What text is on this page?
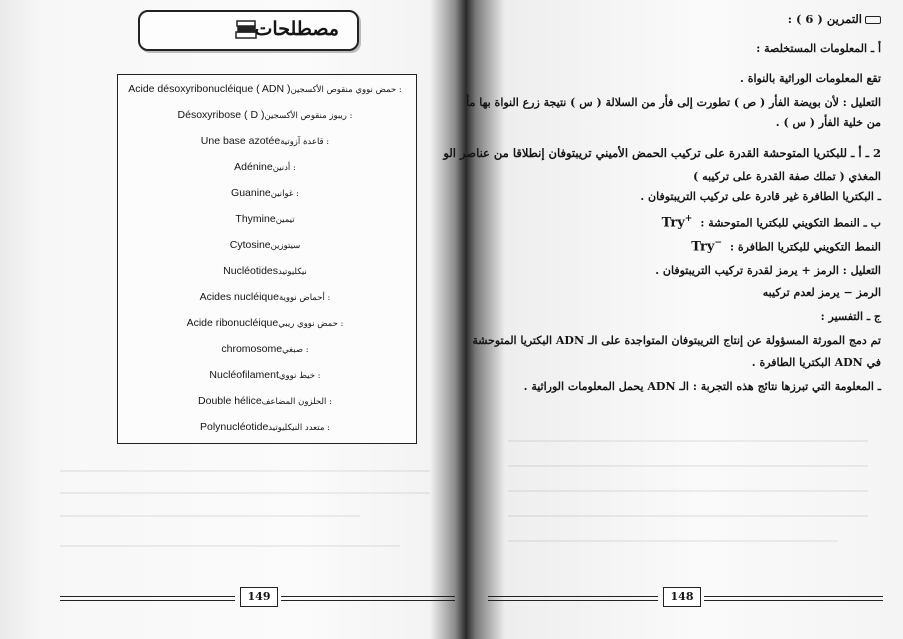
مصطلحات
Acide désoxyribonucléique ( ADN )حمض نووي منقوص الأكسجين :
Désoxyribose ( D )ريبوز منقوص الأكسجين :
Une base azotéeقاعدة آزوتية :
Adénineأدنين :
Guanineغوانين :
Thymineتيمين
Cytosineسيتوزين
Nucléotidesنيكليوتيد
Acides nucléiqueأحماض نووية :
Acide ribonucléiqueحمض نووي ريبي :
chromosomeصبغي :
Nucléofilamentخيط نووي :
Double héliceالحلزون المضاعف :
Polynucléotideمتعدد النيكليوتيد :
149	148
التمرين ( 6 ) :
أ ـ المعلومات المستخلصة :
تقع المعلومات الوراثية بالنواة .
التعليل : لأن بويضة الفأر ( ص ) تطورت إلى فأر من السلالة ( س ) نتيجة زرع النواة بها مأ
من خلية الفأر ( س ) .
2 ـ أ ـ للبكتريا المتوحشة القدرة على تركيب الحمض الأميني تريبتوفان إنطلاقا من عناصر الو
المغذي ( تملك صفة القدرة على تركيبه )
ـ البكتريا الطافرة غير قادرة على تركيب التريبتوفان .
ب ـ النمط التكويني للبكتريا المتوحشة :Try+
النمط التكويني للبكتريا الطافرة :Try−
التعليل : الرمز + يرمز لقدرة تركيب التريبتوفان .
الرمز − يرمز لعدم تركيبه
ج ـ التفسير :
تم دمج المورثة المسؤولة عن إنتاج التريبتوفان المتواجدة على الـ ADN البكتريا المتوحشة
في ADN البكتريا الطافرة .
ـ المعلومة التي تبرزها نتائج هذه التجربة : الـ ADN يحمل المعلومات الوراثية .
